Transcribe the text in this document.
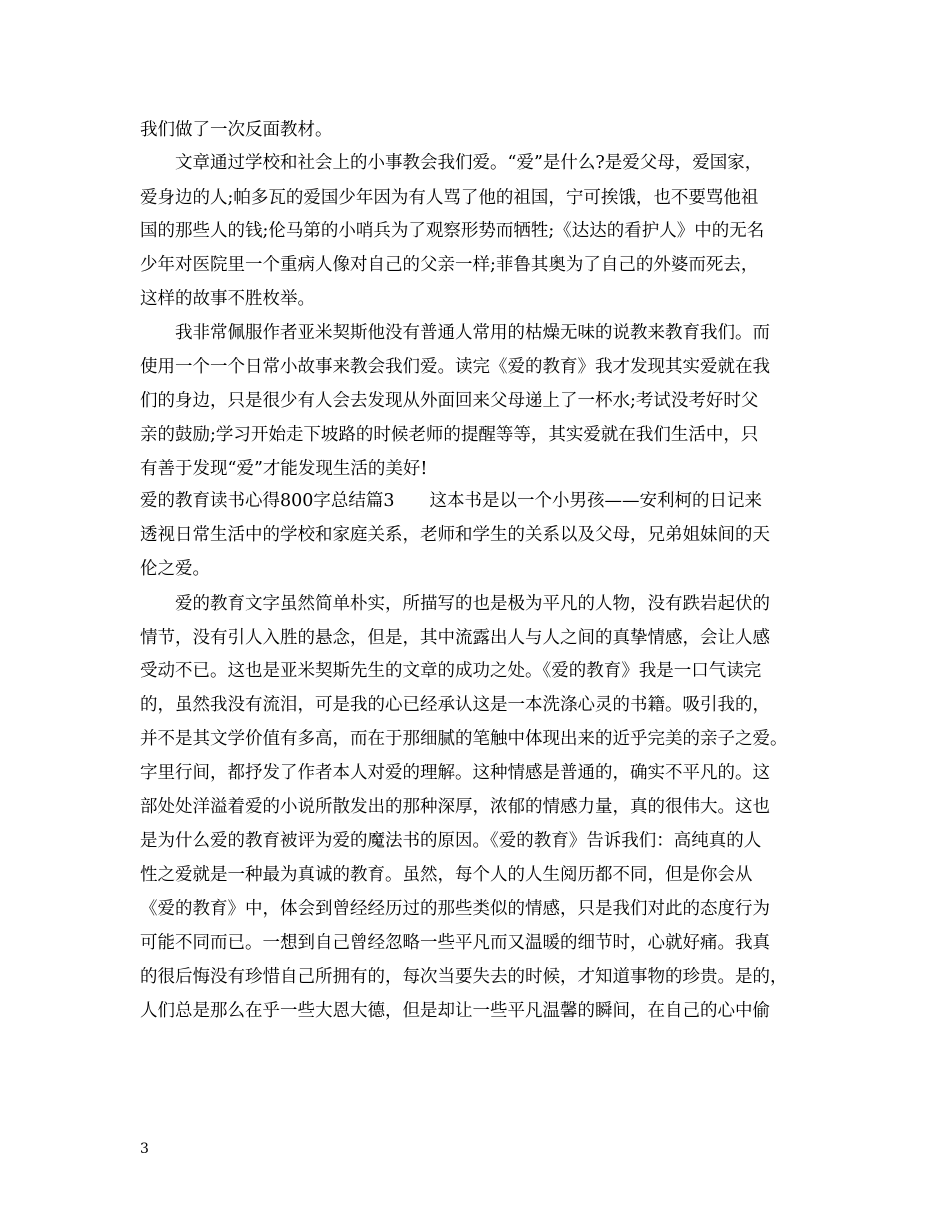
我们做了一次反面教材。
　　文章通过学校和社会上的小事教会我们爱。“爱”是什么?是爱父母，爱国家，
爱身边的人;帕多瓦的爱国少年因为有人骂了他的祖国，宁可挨饿，也不要骂他祖
国的那些人的钱;伦马第的小哨兵为了观察形势而牺牲;《达达的看护人》中的无名
少年对医院里一个重病人像对自己的父亲一样;菲鲁其奥为了自己的外婆而死去，
这样的故事不胜枚举。
　　我非常佩服作者亚米契斯他没有普通人常用的枯燥无味的说教来教育我们。而
使用一个一个日常小故事来教会我们爱。读完《爱的教育》我才发现其实爱就在我
们的身边，只是很少有人会去发现从外面回来父母递上了一杯水;考试没考好时父
亲的鼓励;学习开始走下坡路的时候老师的提醒等等，其实爱就在我们生活中，只
有善于发现“爱”才能发现生活的美好!
爱的教育读书心得800字总结篇3　　这本书是以一个小男孩——安利柯的日记来
透视日常生活中的学校和家庭关系，老师和学生的关系以及父母，兄弟姐妹间的天
伦之爱。
　　爱的教育文字虽然简单朴实，所描写的也是极为平凡的人物，没有跌岩起伏的
情节，没有引人入胜的悬念，但是，其中流露出人与人之间的真挚情感，会让人感
受动不已。这也是亚米契斯先生的文章的成功之处。《爱的教育》我是一口气读完
的，虽然我没有流泪，可是我的心已经承认这是一本洗涤心灵的书籍。吸引我的，
并不是其文学价值有多高，而在于那细腻的笔触中体现出来的近乎完美的亲子之爱。
字里行间，都抒发了作者本人对爱的理解。这种情感是普通的，确实不平凡的。这
部处处洋溢着爱的小说所散发出的那种深厚，浓郁的情感力量，真的很伟大。这也
是为什么爱的教育被评为爱的魔法书的原因。《爱的教育》告诉我们：高纯真的人
性之爱就是一种最为真诚的教育。虽然，每个人的人生阅历都不同，但是你会从
《爱的教育》中，体会到曾经经历过的那些类似的情感，只是我们对此的态度行为
可能不同而已。一想到自己曾经忽略一些平凡而又温暖的细节时，心就好痛。我真
的很后悔没有珍惜自己所拥有的，每次当要失去的时候，才知道事物的珍贵。是的，
人们总是那么在乎一些大恩大德，但是却让一些平凡温馨的瞬间，在自己的心中偷
3
